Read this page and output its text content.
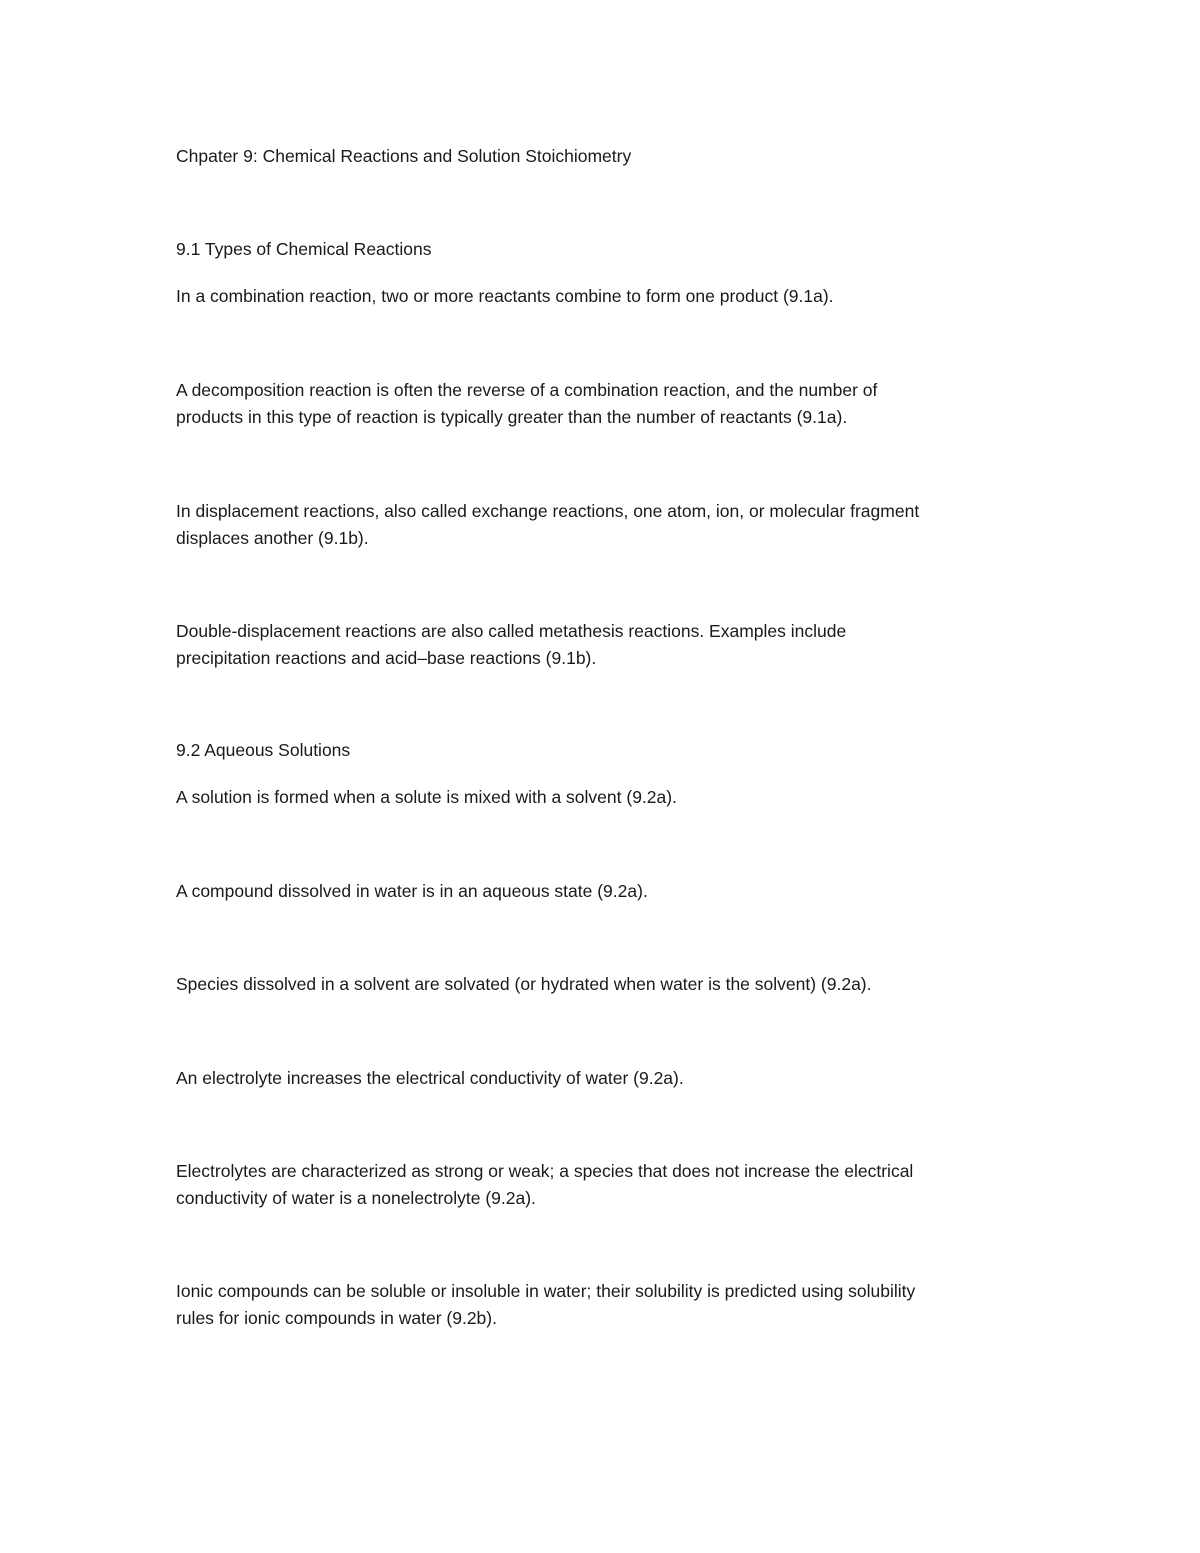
Chpater 9: Chemical Reactions and Solution Stoichiometry

9.1 Types of Chemical Reactions

In a combination reaction, two or more reactants combine to form one product (9.1a).

A decomposition reaction is often the reverse of a combination reaction, and the number of

products in this type of reaction is typically greater than the number of reactants (9.1a).

In displacement reactions, also called exchange reactions, one atom, ion, or molecular fragment

displaces another (9.1b).

Double-displacement reactions are also called metathesis reactions. Examples include

precipitation reactions and acid–base reactions (9.1b).

9.2 Aqueous Solutions

A solution is formed when a solute is mixed with a solvent (9.2a).

A compound dissolved in water is in an aqueous state (9.2a).

Species dissolved in a solvent are solvated (or hydrated when water is the solvent) (9.2a).

An electrolyte increases the electrical conductivity of water (9.2a).

Electrolytes are characterized as strong or weak; a species that does not increase the electrical

conductivity of water is a nonelectrolyte (9.2a).

Ionic compounds can be soluble or insoluble in water; their solubility is predicted using solubility

rules for ionic compounds in water (9.2b).
